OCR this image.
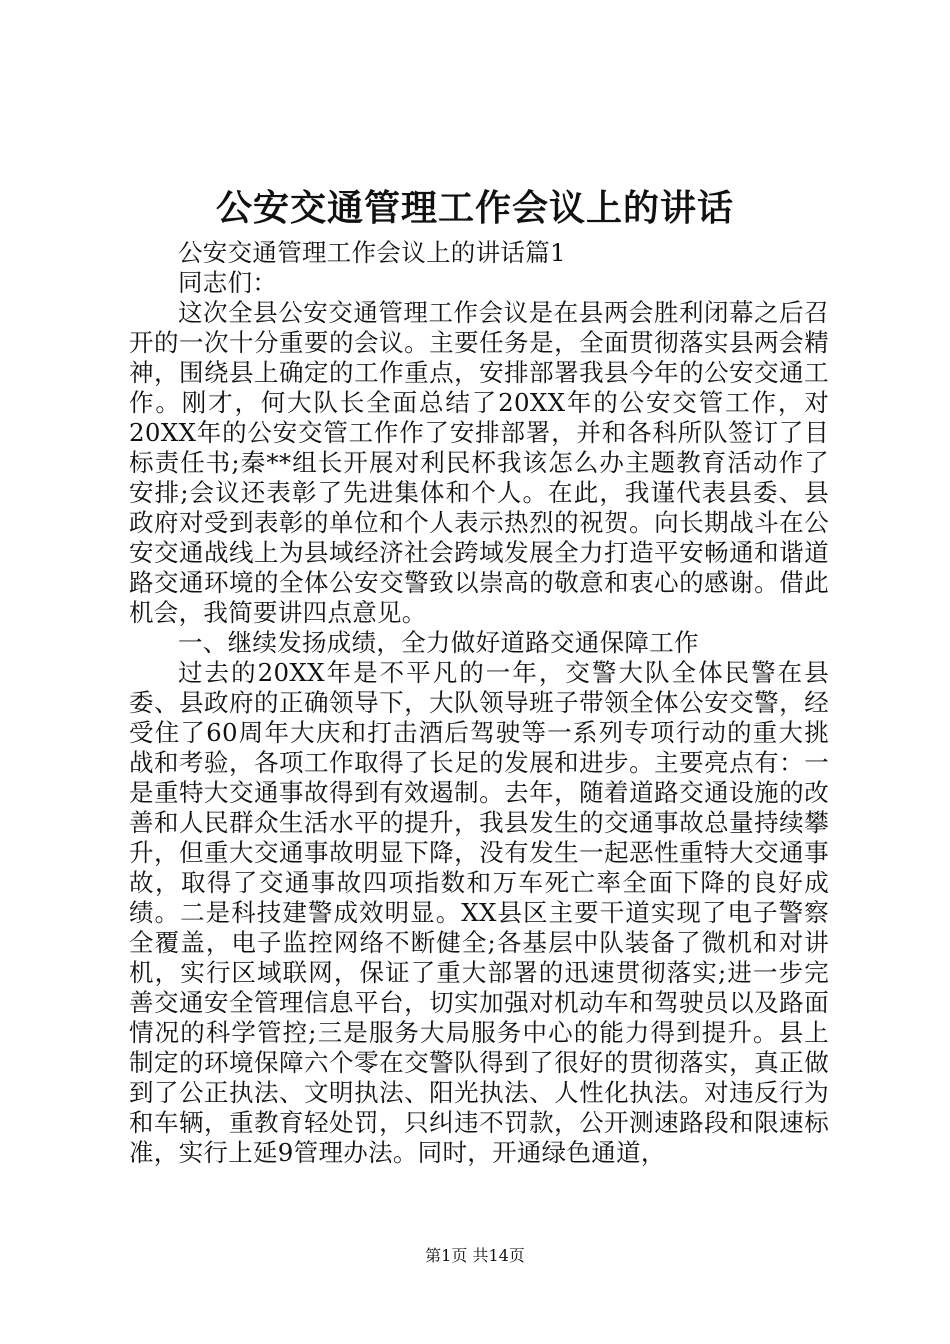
公安交通管理工作会议上的讲话

公安交通管理工作会议上的讲话篇1

同志们：

这次全县公安交通管理工作会议是在县两会胜利闭幕之后召开的一次十分重要的会议。主要任务是，全面贯彻落实县两会精神，围绕县上确定的工作重点，安排部署我县今年的公安交通工作。刚才，何大队长全面总结了20XX年的公安交管工作，对20XX年的公安交管工作作了安排部署，并和各科所队签订了目标责任书;秦**组长开展对利民杯我该怎么办主题教育活动作了安排;会议还表彰了先进集体和个人。在此，我谨代表县委、县政府对受到表彰的单位和个人表示热烈的祝贺。向长期战斗在公安交通战线上为县域经济社会跨域发展全力打造平安畅通和谐道路交通环境的全体公安交警致以崇高的敬意和衷心的感谢。借此机会，我简要讲四点意见。

一、继续发扬成绩，全力做好道路交通保障工作

过去的20XX年是不平凡的一年，交警大队全体民警在县委、县政府的正确领导下，大队领导班子带领全体公安交警，经受住了60周年大庆和打击酒后驾驶等一系列专项行动的重大挑战和考验，各项工作取得了长足的发展和进步。主要亮点有：一是重特大交通事故得到有效遏制。去年，随着道路交通设施的改善和人民群众生活水平的提升，我县发生的交通事故总量持续攀升，但重大交通事故明显下降，没有发生一起恶性重特大交通事故，取得了交通事故四项指数和万车死亡率全面下降的良好成绩。二是科技建警成效明显。XX县区主要干道实现了电子警察全覆盖，电子监控网络不断健全;各基层中队装备了微机和对讲机，实行区域联网，保证了重大部署的迅速贯彻落实;进一步完善交通安全管理信息平台，切实加强对机动车和驾驶员以及路面情况的科学管控;三是服务大局服务中心的能力得到提升。县上制定的环境保障六个零在交警队得到了很好的贯彻落实，真正做到了公正执法、文明执法、阳光执法、人性化执法。对违反行为和车辆，重教育轻处罚，只纠违不罚款，公开测速路段和限速标准，实行上延9管理办法。同时，开通绿色通道，

第1页 共14页
